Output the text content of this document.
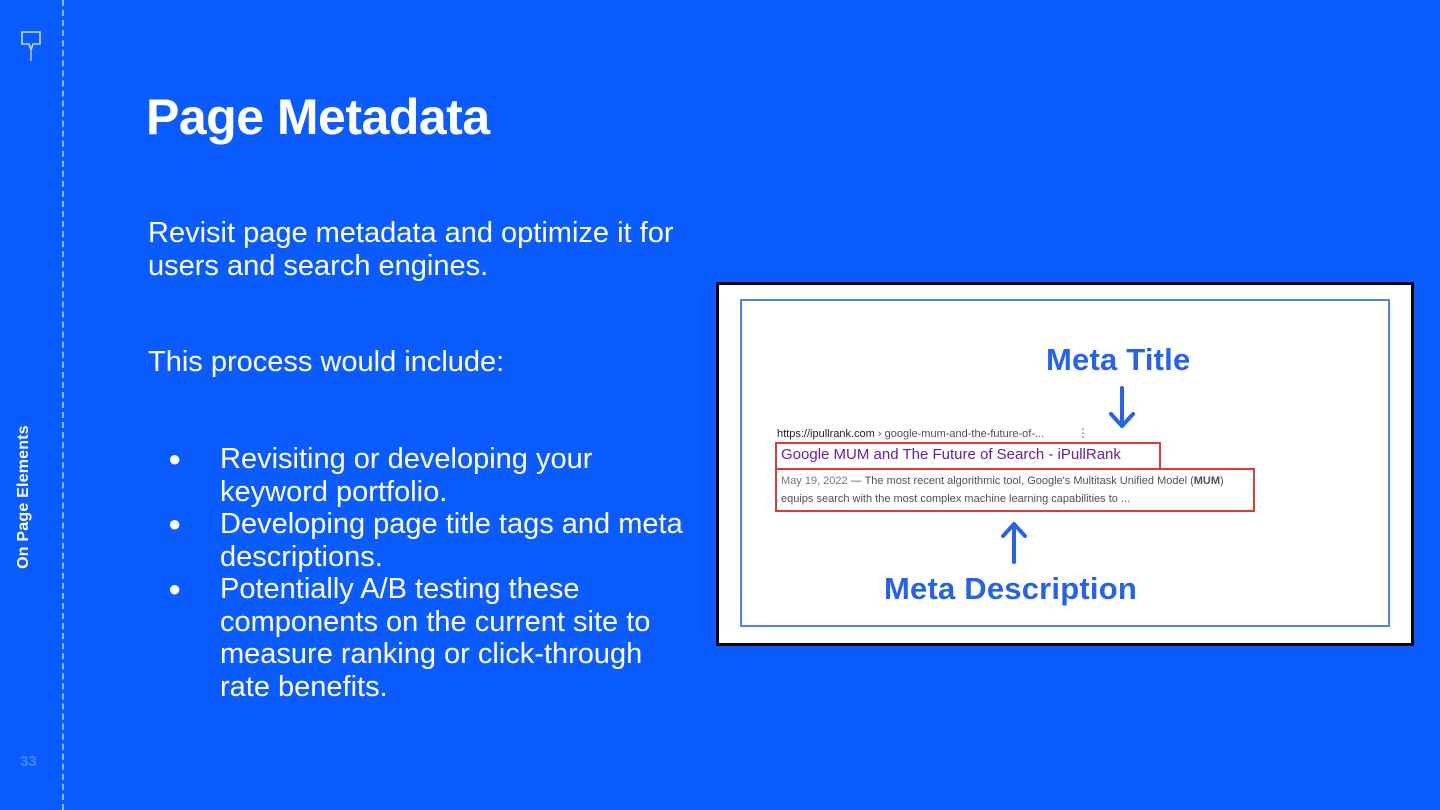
On Page Elements
33
Page Metadata

Revisit page metadata and optimize it for users and search engines.

This process would include:

● Revisiting or developing your keyword portfolio.
● Developing page title tags and meta descriptions.
● Potentially A/B testing these components on the current site to measure ranking or click-through rate benefits.
Meta Title
https://ipullrank.com › google-mum-and-the-future-of-...	⋮
Google MUM and The Future of Search - iPullRank
May 19, 2022 — The most recent algorithmic tool, Google's Multitask Unified Model (MUM)
equips search with the most complex machine learning capabilities to ...
Meta Description
